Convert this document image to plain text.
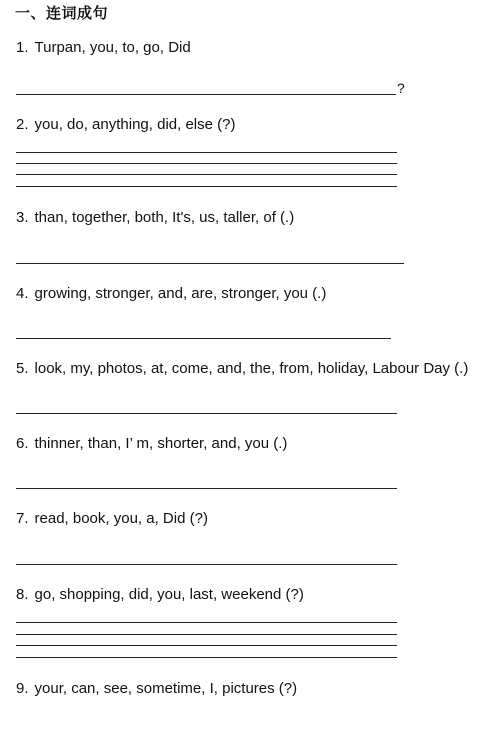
一、连词成句
1. Turpan, you, to, go, Did
?
2. you, do, anything, did, else (?)
3. than, together, both, It's, us, taller, of (.)
4. growing, stronger, and, are, stronger, you (.)
5. look, my, photos, at, come, and, the, from, holiday, Labour Day (.)
6. thinner, than, I’ m, shorter, and, you (.)
7. read, book, you, a, Did (?)
8. go, shopping, did, you, last, weekend (?)
9. your, can, see, sometime, I, pictures (?)
